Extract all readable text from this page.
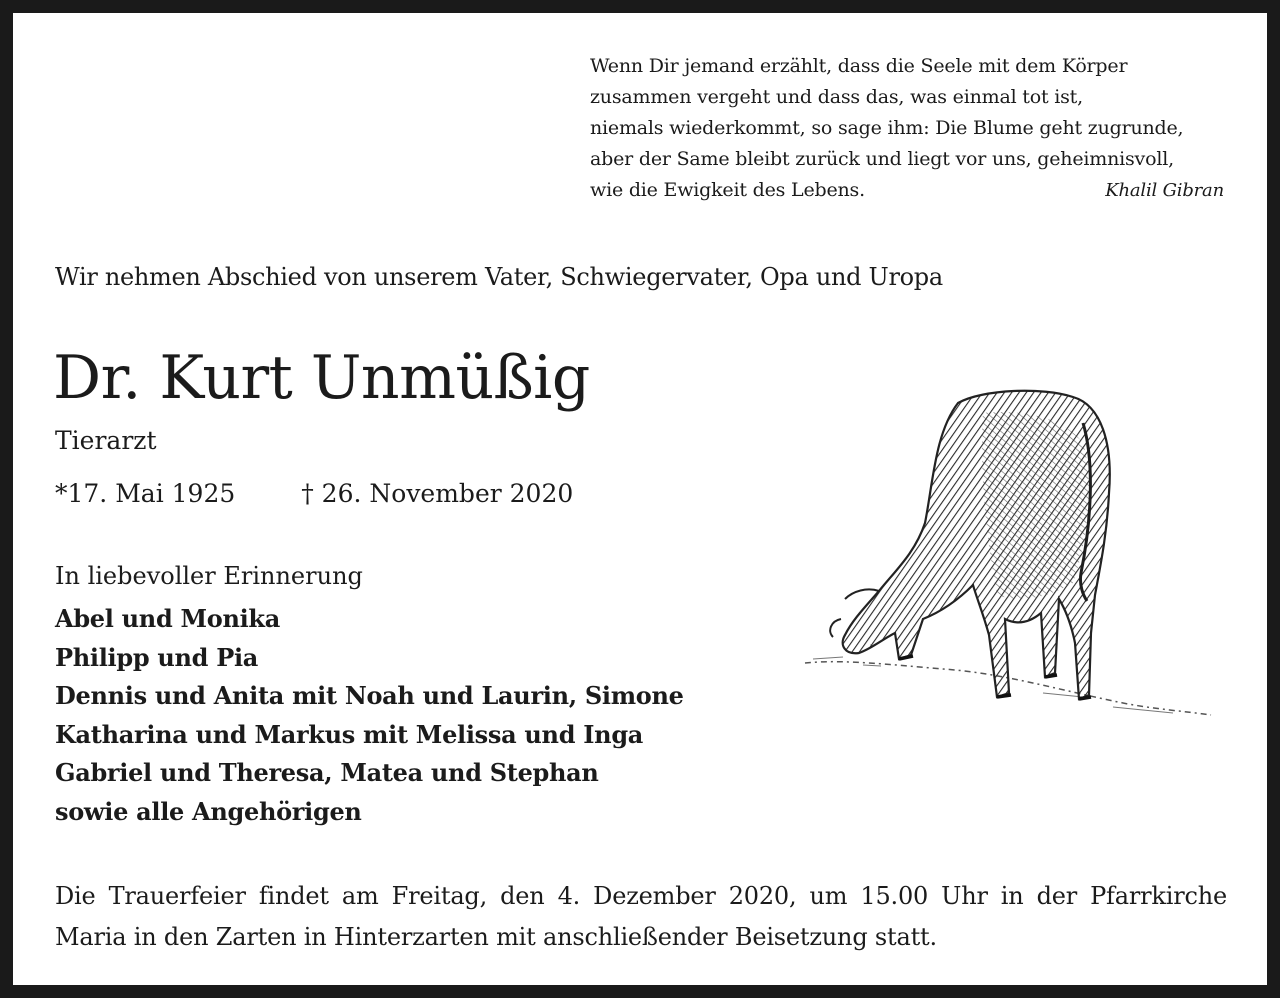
Wenn Dir jemand erzählt, dass die Seele mit dem Körper
zusammen vergeht und dass das, was einmal tot ist,
niemals wiederkommt, so sage ihm: Die Blume geht zugrunde,
aber der Same bleibt zurück und liegt vor uns, geheimnisvoll,
wie die Ewigkeit des Lebens.	Khalil Gibran
Wir nehmen Abschied von unserem Vater, Schwiegervater, Opa und Uropa
Dr. Kurt Unmüßig
Tierarzt
*17. Mai 1925	† 26. November 2020
In liebevoller Erinnerung
Abel und Monika
Philipp und Pia
Dennis und Anita mit Noah und Laurin, Simone
Katharina und Markus mit Melissa und Inga
Gabriel und Theresa, Matea und Stephan
sowie alle Angehörigen
Die Trauerfeier findet am Freitag, den 4. Dezember 2020, um 15.00 Uhr in der Pfarrkirche
Maria in den Zarten in Hinterzarten mit anschließender Beisetzung statt.
